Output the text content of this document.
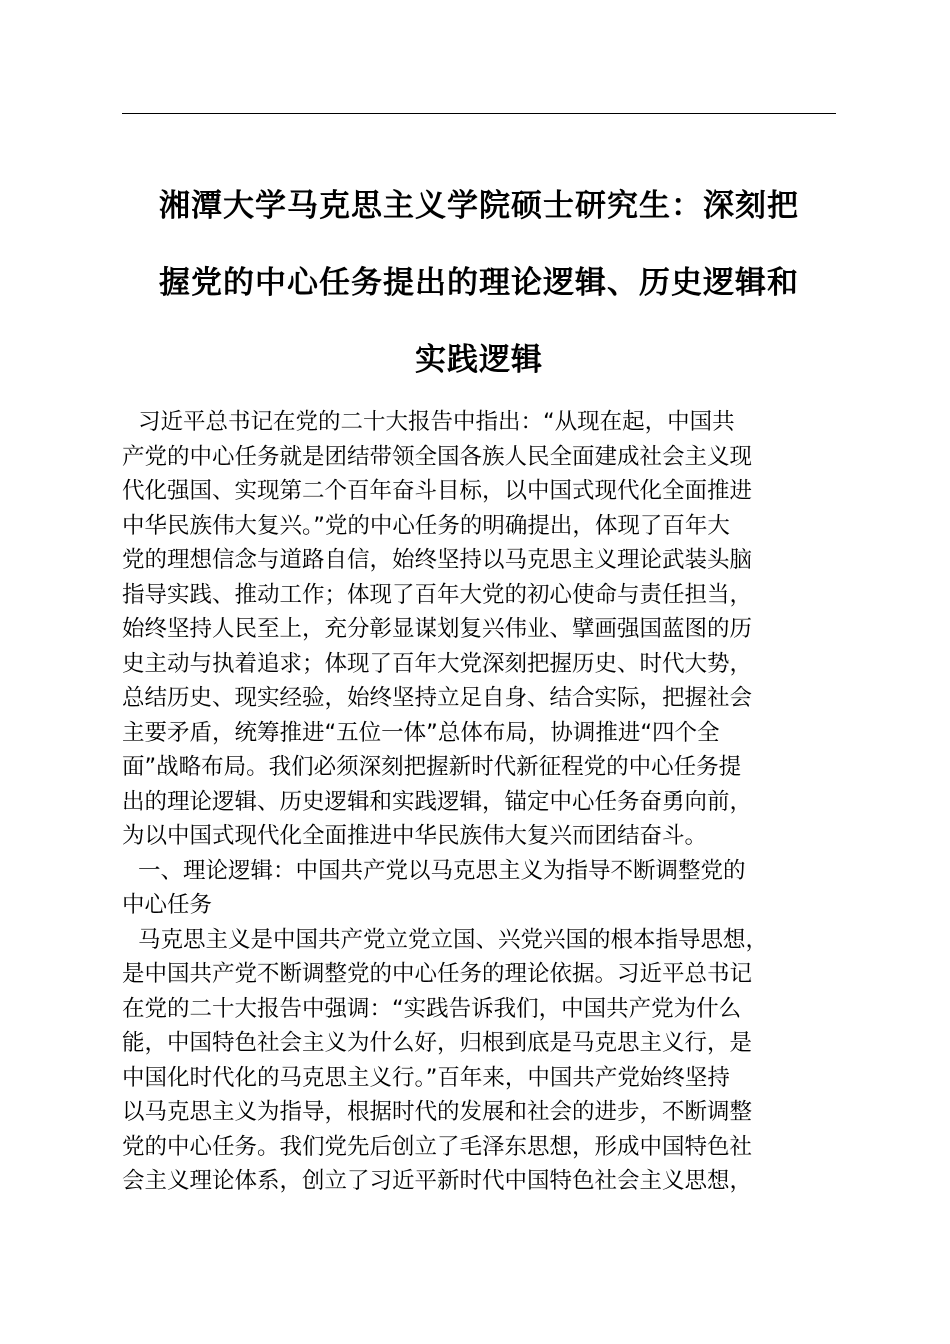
湘潭大学马克思主义学院硕士研究生：深刻把
握党的中心任务提出的理论逻辑、历史逻辑和
实践逻辑
习近平总书记在党的二十大报告中指出：“从现在起，中国共
产党的中心任务就是团结带领全国各族人民全面建成社会主义现
代化强国、实现第二个百年奋斗目标，以中国式现代化全面推进
中华民族伟大复兴。”党的中心任务的明确提出，体现了百年大
党的理想信念与道路自信，始终坚持以马克思主义理论武装头脑
指导实践、推动工作；体现了百年大党的初心使命与责任担当，
始终坚持人民至上，充分彰显谋划复兴伟业、擘画强国蓝图的历
史主动与执着追求；体现了百年大党深刻把握历史、时代大势，
总结历史、现实经验，始终坚持立足自身、结合实际，把握社会
主要矛盾，统筹推进“五位一体”总体布局，协调推进“四个全
面”战略布局。我们必须深刻把握新时代新征程党的中心任务提
出的理论逻辑、历史逻辑和实践逻辑，锚定中心任务奋勇向前，
为以中国式现代化全面推进中华民族伟大复兴而团结奋斗。
一、理论逻辑：中国共产党以马克思主义为指导不断调整党的
中心任务
马克思主义是中国共产党立党立国、兴党兴国的根本指导思想，
是中国共产党不断调整党的中心任务的理论依据。习近平总书记
在党的二十大报告中强调：“实践告诉我们，中国共产党为什么
能，中国特色社会主义为什么好，归根到底是马克思主义行，是
中国化时代化的马克思主义行。”百年来，中国共产党始终坚持
以马克思主义为指导，根据时代的发展和社会的进步，不断调整
党的中心任务。我们党先后创立了毛泽东思想，形成中国特色社
会主义理论体系，创立了习近平新时代中国特色社会主义思想，
